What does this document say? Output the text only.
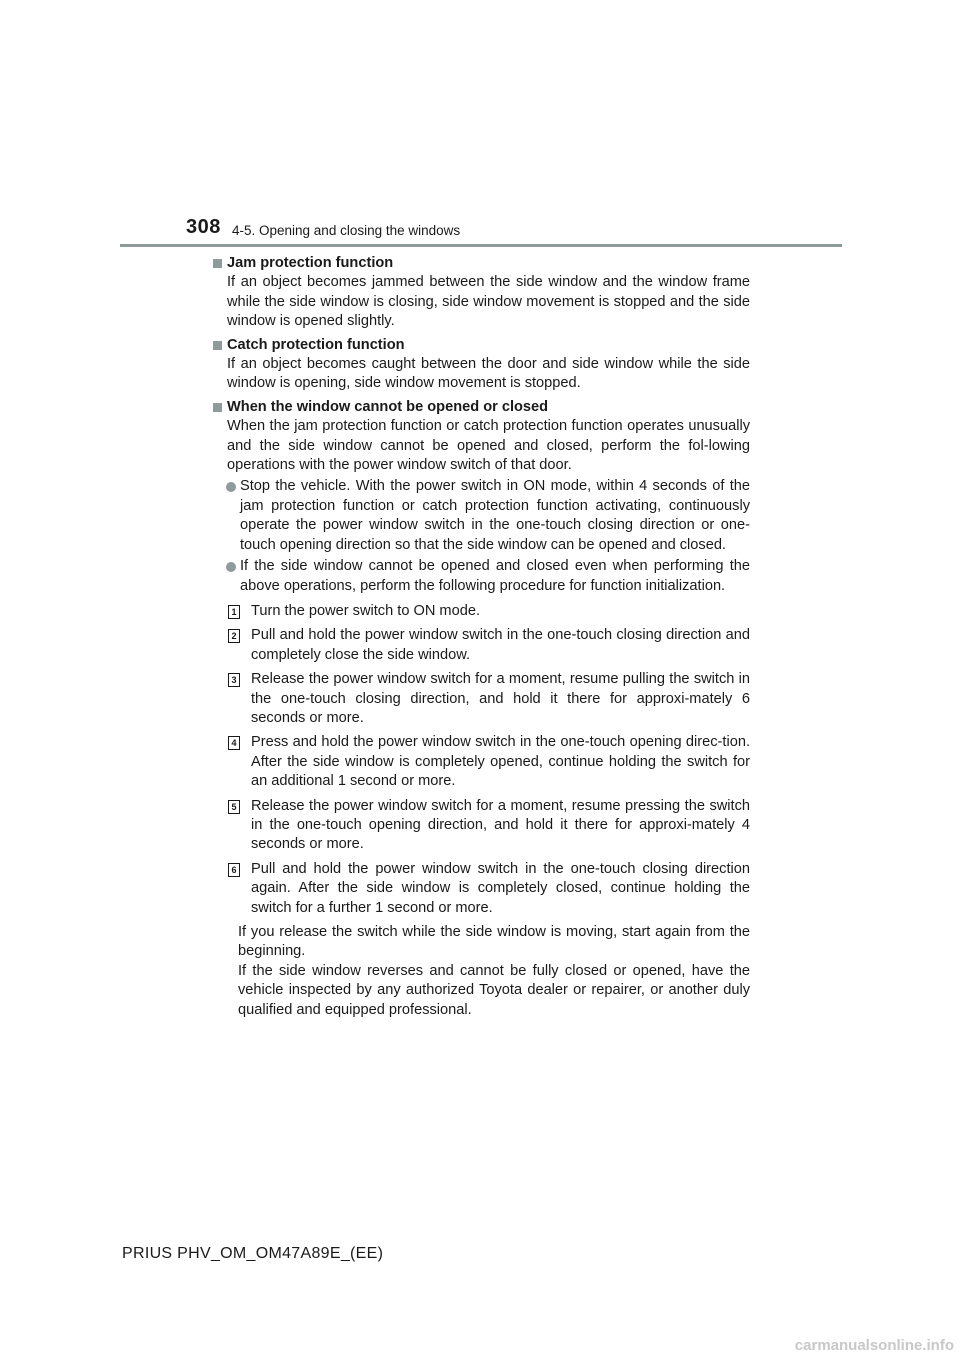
308 4-5. Opening and closing the windows
Jam protection function
If an object becomes jammed between the side window and the window frame while the side window is closing, side window movement is stopped and the side window is opened slightly.
Catch protection function
If an object becomes caught between the door and side window while the side window is opening, side window movement is stopped.
When the window cannot be opened or closed
When the jam protection function or catch protection function operates unusually and the side window cannot be opened and closed, perform the fol-lowing operations with the power window switch of that door.
Stop the vehicle. With the power switch in ON mode, within 4 seconds of the jam protection function or catch protection function activating, continuously operate the power window switch in the one-touch closing direction or one-touch opening direction so that the side window can be opened and closed.
If the side window cannot be opened and closed even when performing the above operations, perform the following procedure for function initialization.
1 Turn the power switch to ON mode.
2 Pull and hold the power window switch in the one-touch closing direction and completely close the side window.
3 Release the power window switch for a moment, resume pulling the switch in the one-touch closing direction, and hold it there for approxi-mately 6 seconds or more.
4 Press and hold the power window switch in the one-touch opening direc-tion. After the side window is completely opened, continue holding the switch for an additional 1 second or more.
5 Release the power window switch for a moment, resume pressing the switch in the one-touch opening direction, and hold it there for approxi-mately 4 seconds or more.
6 Pull and hold the power window switch in the one-touch closing direction again. After the side window is completely closed, continue holding the switch for a further 1 second or more.
If you release the switch while the side window is moving, start again from the beginning.
If the side window reverses and cannot be fully closed or opened, have the vehicle inspected by any authorized Toyota dealer or repairer, or another duly qualified and equipped professional.
PRIUS PHV_OM_OM47A89E_(EE)
carmanualsonline.info
